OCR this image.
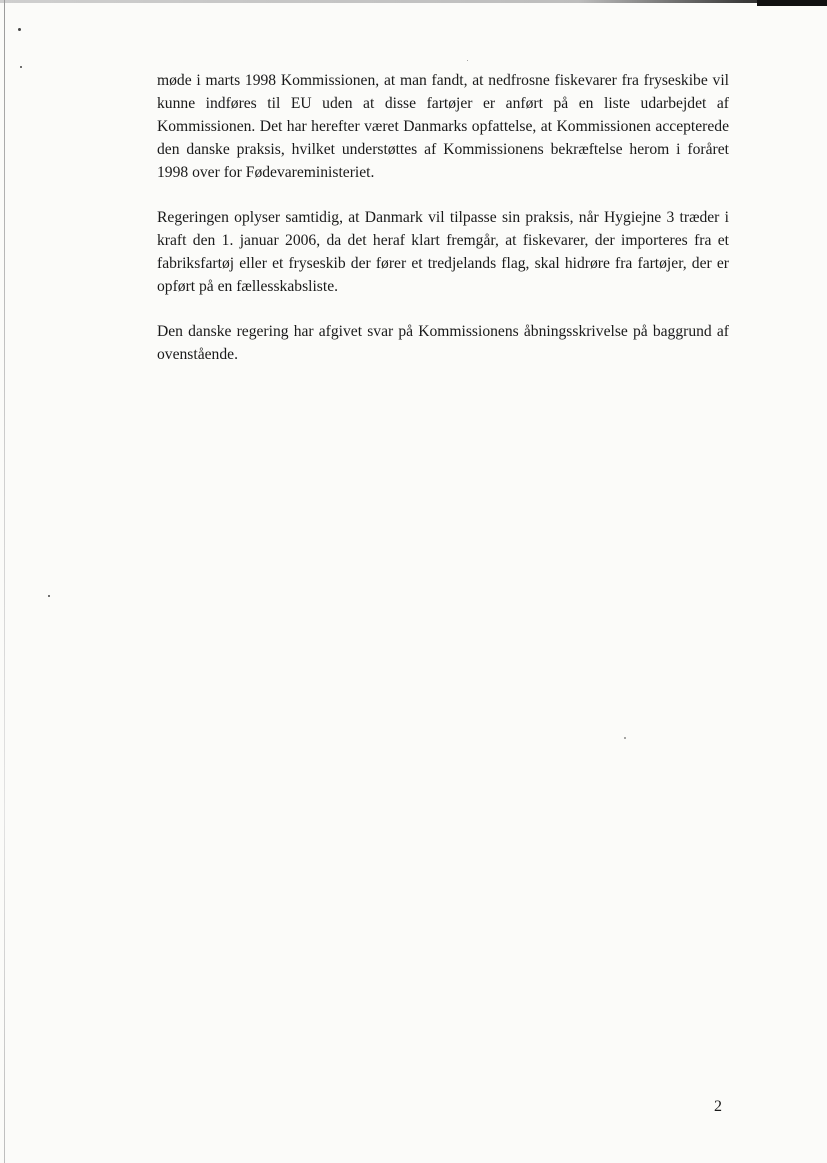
møde i marts 1998 Kommissionen, at man fandt, at nedfrosne fiskevarer fra fryseskibe vil kunne indføres til EU uden at disse fartøjer er anført på en liste udarbejdet af Kommissionen. Det har herefter været Danmarks opfattelse, at Kommissionen accepterede den danske praksis, hvilket understøttes af Kommissionens bekræftelse herom i foråret 1998 over for Fødevareministeriet.

Regeringen oplyser samtidig, at Danmark vil tilpasse sin praksis, når Hygiejne 3 træder i kraft den 1. januar 2006, da det heraf klart fremgår, at fiskevarer, der importeres fra et fabriksfartøj eller et fryseskib der fører et tredjelands flag, skal hidrøre fra fartøjer, der er opført på en fællesskabsliste.

Den danske regering har afgivet svar på Kommissionens åbningsskrivelse på baggrund af ovenstående.

2
